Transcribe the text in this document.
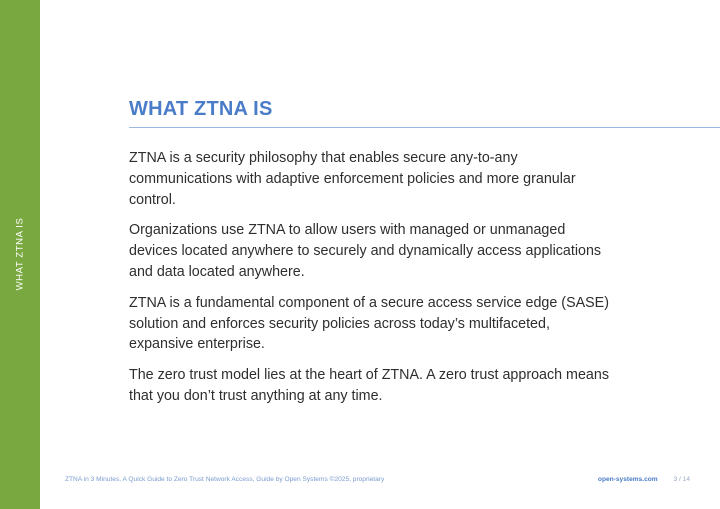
WHAT ZTNA IS
WHAT ZTNA IS

ZTNA is a security philosophy that enables secure any-to-any communications with adaptive enforcement policies and more granular control.

Organizations use ZTNA to allow users with managed or unmanaged devices located anywhere to securely and dynamically access applications and data located anywhere.

ZTNA is a fundamental component of a secure access service edge (SASE) solution and enforces security policies across today’s multifaceted, expansive enterprise.

The zero trust model lies at the heart of ZTNA. A zero trust approach means that you don’t trust anything at any time.

ZTNA in 3 Minutes, A Quick Guide to Zero Trust Network Access, Guide by Open Systems ©2025, proprietary	open-systems.com 3 / 14
